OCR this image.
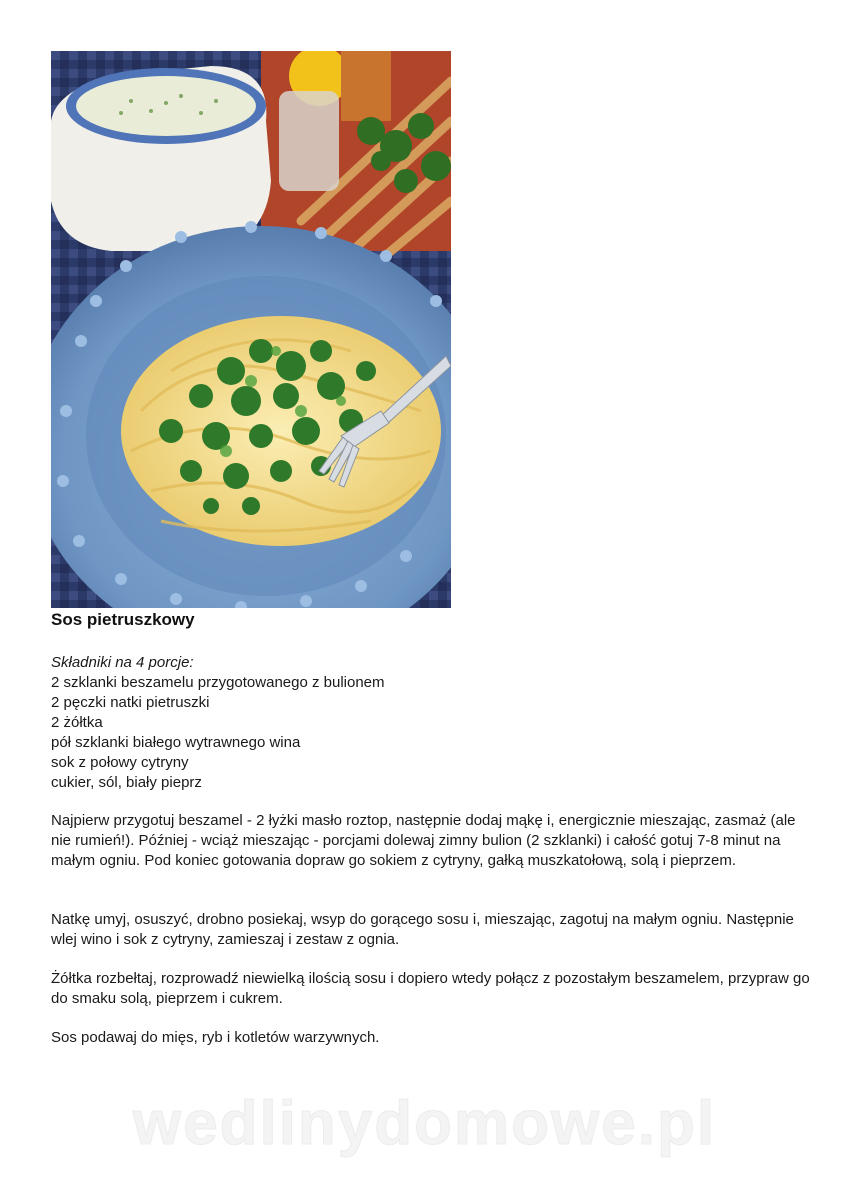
Sos pietruszkowy
Składniki na 4 porcje:
2 szklanki beszamelu przygotowanego z bulionem
2 pęczki natki pietruszki
2 żółtka
pół szklanki białego wytrawnego wina
sok z połowy cytryny
cukier, sól, biały pieprz
Najpierw przygotuj beszamel - 2 łyżki masło roztop, następnie dodaj mąkę i, energicznie mieszając, zasmaż (ale nie rumień!). Później - wciąż mieszając - porcjami dolewaj zimny bulion (2 szklanki) i całość gotuj 7-8 minut na małym ogniu. Pod koniec gotowania dopraw go sokiem z cytryny, gałką muszkatołową, solą i pieprzem.
Natkę umyj, osuszyć, drobno posiekaj, wsyp do gorącego sosu i, mieszając, zagotuj na małym ogniu. Następnie wlej wino i sok z cytryny, zamieszaj i zestaw z ognia.
Żółtka rozbełtaj, rozprowadź niewielką ilością sosu i dopiero wtedy połącz z pozostałym beszamelem, przypraw go do smaku solą, pieprzem i cukrem.
Sos podawaj do mięs, ryb i kotletów warzywnych.
wedlinydomowe.pl
